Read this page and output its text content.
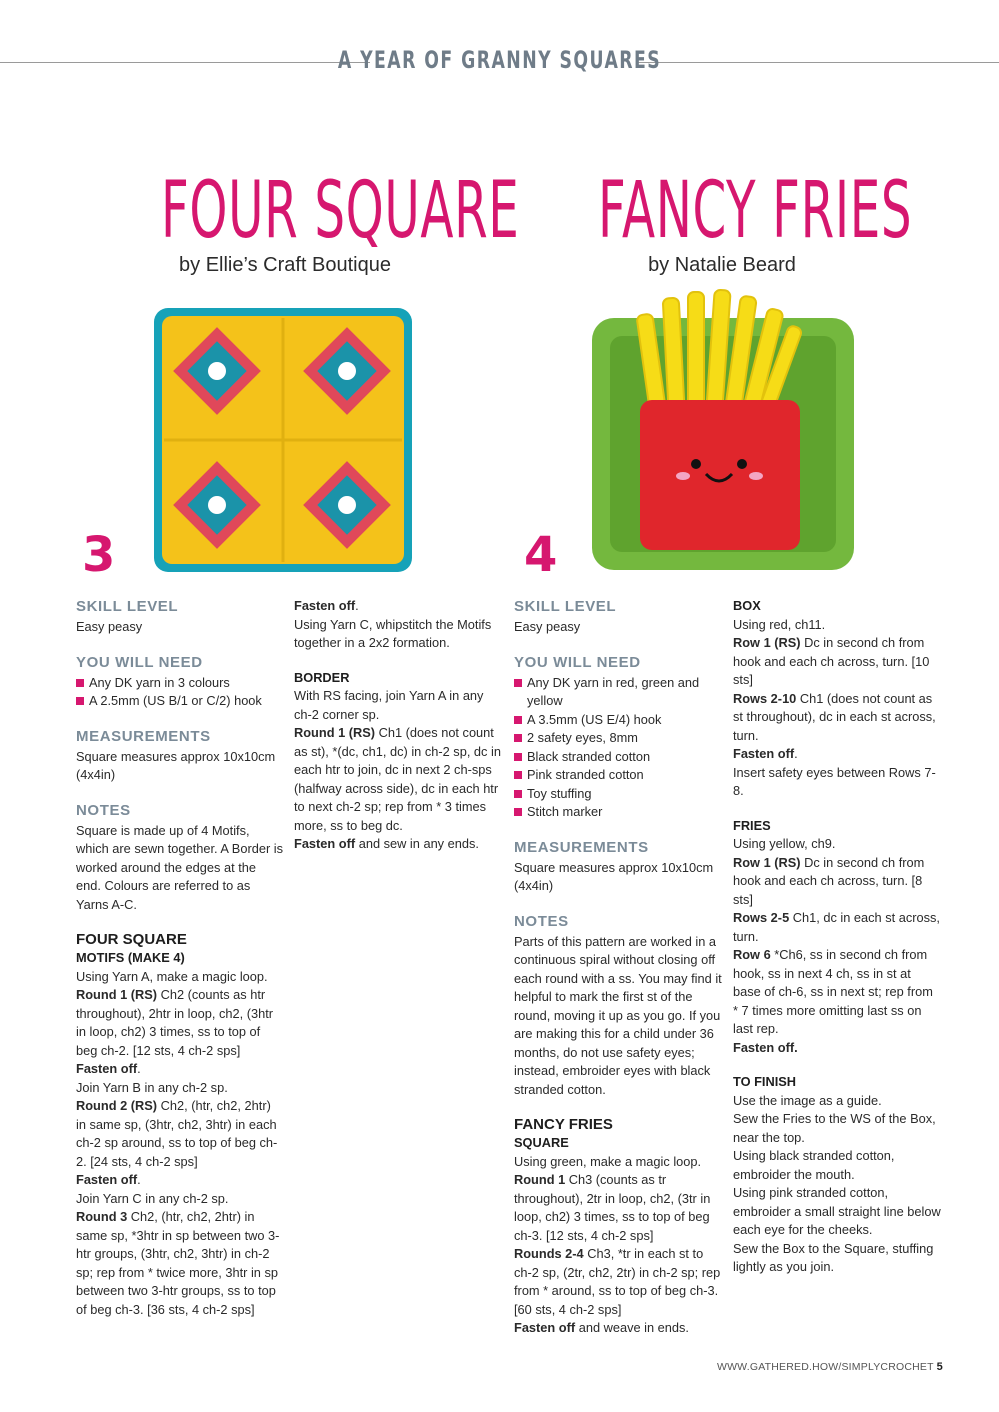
A YEAR OF GRANNY SQUARES
FOUR SQUARE
by Ellie’s Craft Boutique
FANCY FRIES
by Natalie Beard
3	4
SKILL LEVEL

Easy peasy

YOU WILL NEED

Any DK yarn in 3 colours

A 2.5mm (US B/1 or C/2) hook

MEASUREMENTS

Square measures approx 10x10cm (4x4in)

NOTES

Square is made up of 4 Motifs, which are sewn together. A Border is worked around the edges at the end. Colours are referred to as Yarns A-C.

FOUR SQUARE
MOTIFS (MAKE 4)

Using Yarn A, make a magic loop.

Round 1 (RS) Ch2 (counts as htr throughout), 2htr in loop, ch2, (3htr in loop, ch2) 3 times, ss to top of beg ch-2. [12 sts, 4 ch-2 sps]

Fasten off.

Join Yarn B in any ch-2 sp.

Round 2 (RS) Ch2, (htr, ch2, 2htr) in same sp, (3htr, ch2, 3htr) in each ch-2 sp around, ss to top of beg ch-2. [24 sts, 4 ch-2 sps]

Fasten off.

Join Yarn C in any ch-2 sp.

Round 3 Ch2, (htr, ch2, 2htr) in same sp, *3htr in sp between two 3-htr groups, (3htr, ch2, 3htr) in ch-2 sp; rep from * twice more, 3htr in sp between two 3-htr groups, ss to top of beg ch-3. [36 sts, 4 ch-2 sps]

Fasten off.

Using Yarn C, whipstitch the Motifs together in a 2x2 formation.

BORDER

With RS facing, join Yarn A in any ch-2 corner sp.

Round 1 (RS) Ch1 (does not count as st), *(dc, ch1, dc) in ch-2 sp, dc in each htr to join, dc in next 2 ch-sps (halfway across side), dc in each htr to next ch-2 sp; rep from * 3 times more, ss to beg dc.

Fasten off and sew in any ends.

SKILL LEVEL

Easy peasy

YOU WILL NEED

Any DK yarn in red, green and yellow

A 3.5mm (US E/4) hook

2 safety eyes, 8mm

Black stranded cotton

Pink stranded cotton

Toy stuffing

Stitch marker

MEASUREMENTS

Square measures approx 10x10cm (4x4in)

NOTES

Parts of this pattern are worked in a continuous spiral without closing off each round with a ss. You may find it helpful to mark the first st of the round, moving it up as you go. If you are making this for a child under 36 months, do not use safety eyes; instead, embroider eyes with black stranded cotton.

FANCY FRIES
SQUARE

Using green, make a magic loop.

Round 1 Ch3 (counts as tr throughout), 2tr in loop, ch2, (3tr in loop, ch2) 3 times, ss to top of beg ch-3. [12 sts, 4 ch-2 sps]

Rounds 2-4 Ch3, *tr in each st to ch-2 sp, (2tr, ch2, 2tr) in ch-2 sp; rep from * around, ss to top of beg ch-3. [60 sts, 4 ch-2 sps]

Fasten off and weave in ends.

BOX

Using red, ch11.

Row 1 (RS) Dc in second ch from hook and each ch across, turn. [10 sts]

Rows 2-10 Ch1 (does not count as st throughout), dc in each st across, turn.

Fasten off.

Insert safety eyes between Rows 7-8.

FRIES

Using yellow, ch9.

Row 1 (RS) Dc in second ch from hook and each ch across, turn. [8 sts]

Rows 2-5 Ch1, dc in each st across, turn.

Row 6 *Ch6, ss in second ch from hook, ss in next 4 ch, ss in st at base of ch-6, ss in next st; rep from * 7 times more omitting last ss on last rep.

Fasten off.

TO FINISH

Use the image as a guide.

Sew the Fries to the WS of the Box, near the top.

Using black stranded cotton, embroider the mouth.

Using pink stranded cotton, embroider a small straight line below each eye for the cheeks.

Sew the Box to the Square, stuffing lightly as you join.

WWW.GATHERED.HOW/SIMPLYCROCHET 5
